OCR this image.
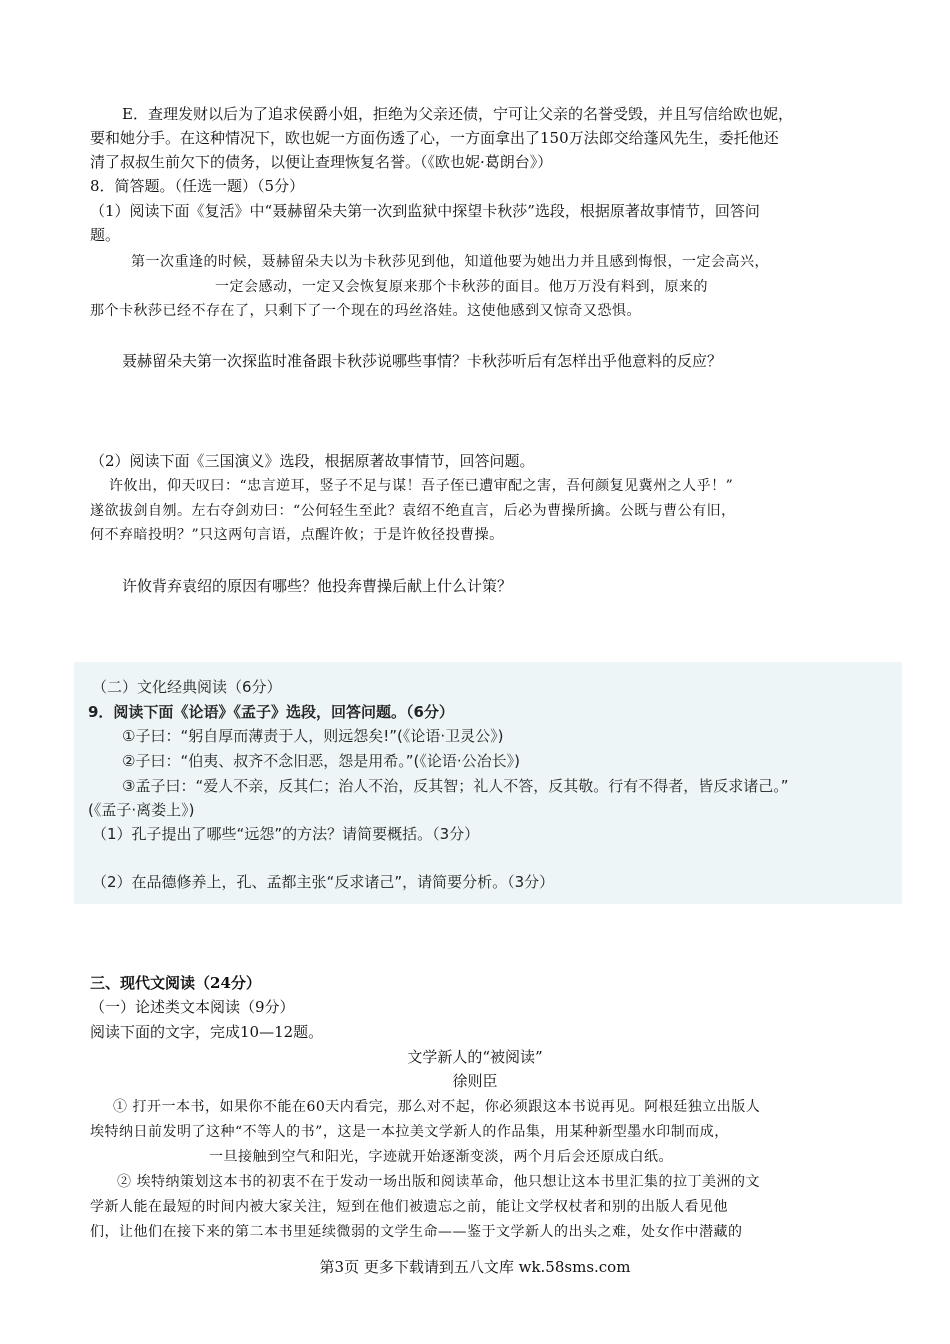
E．查理发财以后为了追求侯爵小姐，拒绝为父亲还债，宁可让父亲的名誉受毁，并且写信给欧也妮，
要和她分手。在这种情况下，欧也妮一方面伤透了心，一方面拿出了150万法郎交给蓬风先生，委托他还
清了叔叔生前欠下的债务，以便让查理恢复名誉。（《欧也妮·葛朗台》）
8．简答题。（任选一题）（5分）
（1）阅读下面《复活》中“聂赫留朵夫第一次到监狱中探望卡秋莎”选段，根据原著故事情节，回答问
题。
第一次重逢的时候，聂赫留朵夫以为卡秋莎见到他，知道他要为她出力并且感到悔恨，一定会高兴，
一定会感动，一定又会恢复原来那个卡秋莎的面目。他万万没有料到，原来的
那个卡秋莎已经不存在了，只剩下了一个现在的玛丝洛娃。这使他感到又惊奇又恐惧。
聂赫留朵夫第一次探监时准备跟卡秋莎说哪些事情？卡秋莎听后有怎样出乎他意料的反应？
（2）阅读下面《三国演义》选段，根据原著故事情节，回答问题。
许攸出，仰天叹曰：“忠言逆耳，竖子不足与谋！吾子侄已遭审配之害，吾何颜复见冀州之人乎！”
遂欲拔剑自刎。左右夺剑劝曰：“公何轻生至此？袁绍不绝直言，后必为曹操所擒。公既与曹公有旧，
何不弃暗投明？”只这两句言语，点醒许攸；于是许攸径投曹操。
许攸背弃袁绍的原因有哪些？他投奔曹操后献上什么计策？
（二）文化经典阅读（6分）
9．阅读下面《论语》《孟子》选段，回答问题。（6分）
①子曰：“躬自厚而薄责于人，则远怨矣!”(《论语·卫灵公》)
②子曰：“伯夷、叔齐不念旧恶，怨是用希。”(《论语·公冶长》)
③孟子曰：“爱人不亲，反其仁；治人不治，反其智；礼人不答，反其敬。行有不得者，皆反求诸己。”
(《孟子·离娄上》)
（1）孔子提出了哪些“远怨”的方法？请简要概括。（3分）
（2）在品德修养上，孔、孟都主张“反求诸己”，请简要分析。（3分）
三、现代文阅读（24分）
（一）论述类文本阅读（9分）
阅读下面的文字，完成10—12题。
文学新人的“被阅读”
徐则臣
① 打开一本书，如果你不能在60天内看完，那么对不起，你必须跟这本书说再见。阿根廷独立出版人
埃特纳日前发明了这种“不等人的书”，这是一本拉美文学新人的作品集，用某种新型墨水印制而成，
一旦接触到空气和阳光，字迹就开始逐渐变淡，两个月后会还原成白纸。
② 埃特纳策划这本书的初衷不在于发动一场出版和阅读革命，他只想让这本书里汇集的拉丁美洲的文
学新人能在最短的时间内被大家关注，短到在他们被遗忘之前，能让文学权杖者和别的出版人看见他
们，让他们在接下来的第二本书里延续微弱的文学生命——鉴于文学新人的出头之难，处女作中潜藏的
第3页 更多下载请到五八文库 wk.58sms.com
